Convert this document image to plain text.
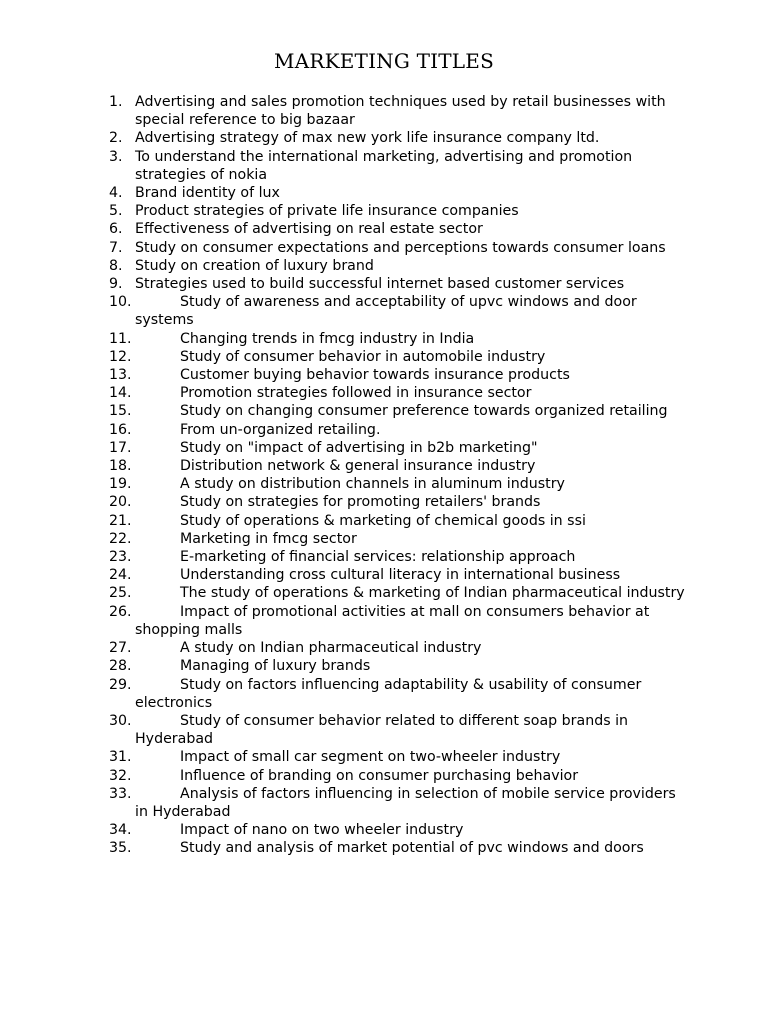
MARKETING TITLES
1. Advertising and sales promotion techniques used by retail businesses with special reference to big bazaar
2. Advertising strategy of max new york life insurance company ltd.
3. To understand the international marketing, advertising and promotion strategies of nokia
4. Brand identity of lux
5. Product strategies of private life insurance companies
6. Effectiveness of advertising on real estate sector
7. Study on consumer expectations and perceptions towards consumer loans
8. Study on creation of luxury brand
9. Strategies used to build successful internet based customer services
10.	Study of awareness and acceptability of upvc windows and door systems
11.	Changing trends in fmcg industry in India
12.	Study of consumer behavior in automobile industry
13.	Customer buying behavior towards insurance products
14.	Promotion strategies followed in insurance sector
15.	Study on changing consumer preference towards organized retailing
16.	From un-organized retailing.
17.	Study on "impact of advertising in b2b marketing"
18.	Distribution network & general insurance industry
19.	A study on distribution channels in aluminum industry
20.	Study on strategies for promoting retailers' brands
21.	Study of operations & marketing of chemical goods in ssi
22.	Marketing in fmcg sector
23.	E-marketing of financial services: relationship approach
24.	Understanding cross cultural literacy in international business
25.	The study of operations & marketing of Indian pharmaceutical industry
26.	Impact of promotional activities at mall on consumers behavior at shopping malls
27.	A study on Indian pharmaceutical industry
28.	Managing of luxury brands
29.	Study on factors influencing adaptability & usability of consumer electronics
30.	Study of consumer behavior related to different soap brands in Hyderabad
31.	Impact of small car segment on two-wheeler industry
32.	Influence of branding on consumer purchasing behavior
33.	Analysis of factors influencing in selection of mobile service providers in Hyderabad
34.	Impact of nano on two wheeler industry
35.	Study and analysis of market potential of pvc windows and doors
